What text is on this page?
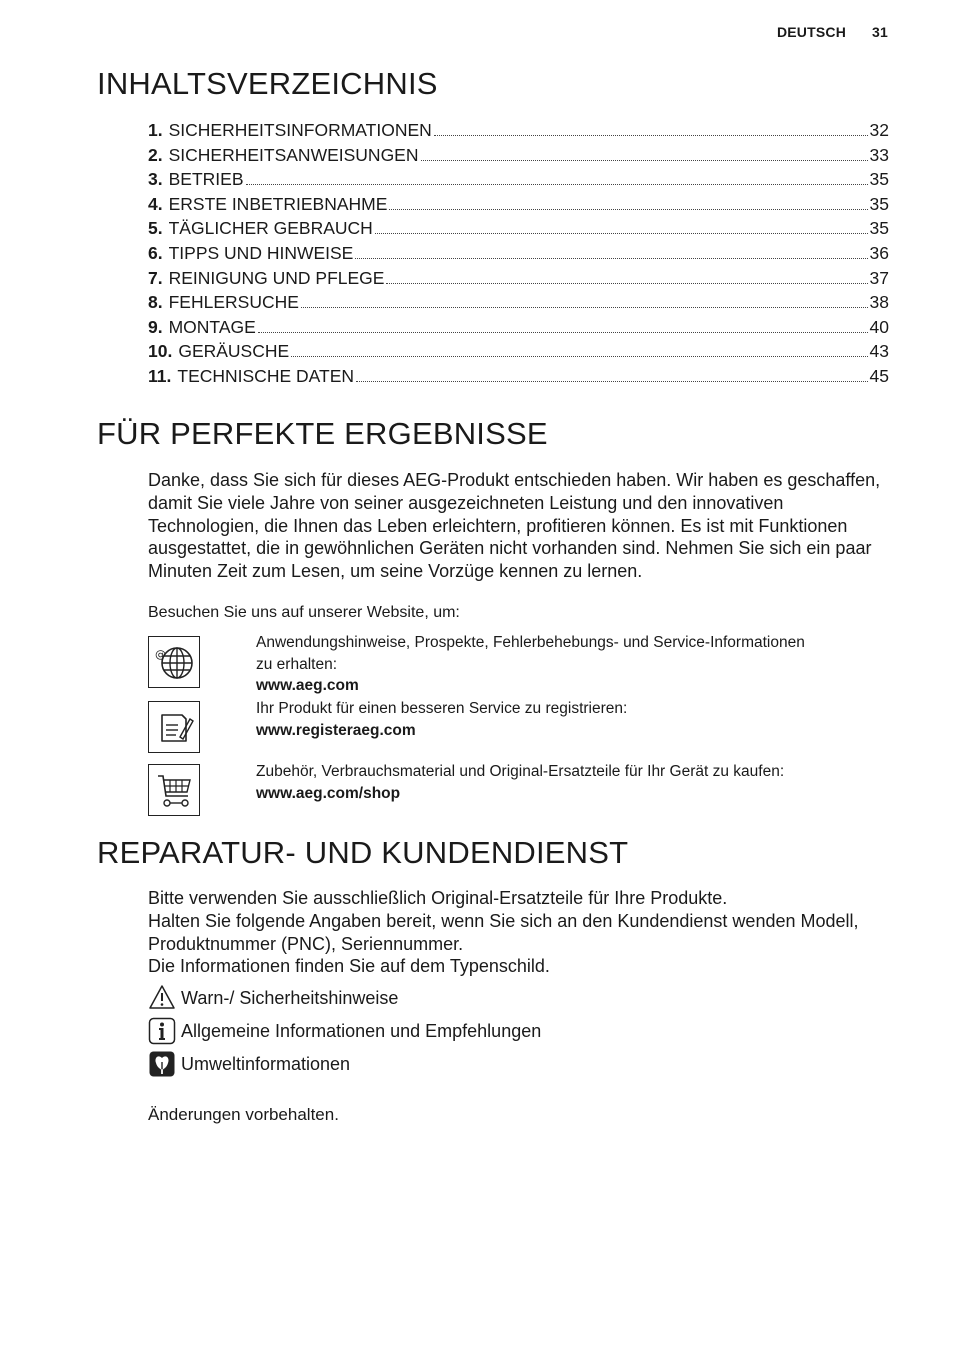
DEUTSCH 31
INHALTSVERZEICHNIS
1. SICHERHEITSINFORMATIONEN	32
2. SICHERHEITSANWEISUNGEN	33
3. BETRIEB	35
4. ERSTE INBETRIEBNAHME	35
5. TÄGLICHER GEBRAUCH	35
6. TIPPS UND HINWEISE	36
7. REINIGUNG UND PFLEGE	37
8. FEHLERSUCHE	38
9. MONTAGE	40
10. GERÄUSCHE	43
11. TECHNISCHE DATEN	45
FÜR PERFEKTE ERGEBNISSE
Danke, dass Sie sich für dieses AEG-Produkt entschieden haben. Wir haben es geschaffen, damit Sie viele Jahre von seiner ausgezeichneten Leistung und den innovativen Technologien, die Ihnen das Leben erleichtern, profitieren können. Es ist mit Funktionen ausgestattet, die in gewöhnlichen Geräten nicht vorhanden sind. Nehmen Sie sich ein paar Minuten Zeit zum Lesen, um seine Vorzüge kennen zu lernen.
Besuchen Sie uns auf unserer Website, um:
@
Anwendungshinweise, Prospekte, Fehlerbehebungs- und Service-Informationen zu erhalten:
www.aeg.com
Ihr Produkt für einen besseren Service zu registrieren:
www.registeraeg.com
Zubehör, Verbrauchsmaterial und Original-Ersatzteile für Ihr Gerät zu kaufen:
www.aeg.com/shop
REPARATUR- UND KUNDENDIENST
Bitte verwenden Sie ausschließlich Original-Ersatzteile für Ihre Produkte.
Halten Sie folgende Angaben bereit, wenn Sie sich an den Kundendienst wenden Modell, Produktnummer (PNC), Seriennummer.
Die Informationen finden Sie auf dem Typenschild.
Warn-/ Sicherheitshinweise
Allgemeine Informationen und Empfehlungen
Umweltinformationen
Änderungen vorbehalten.
